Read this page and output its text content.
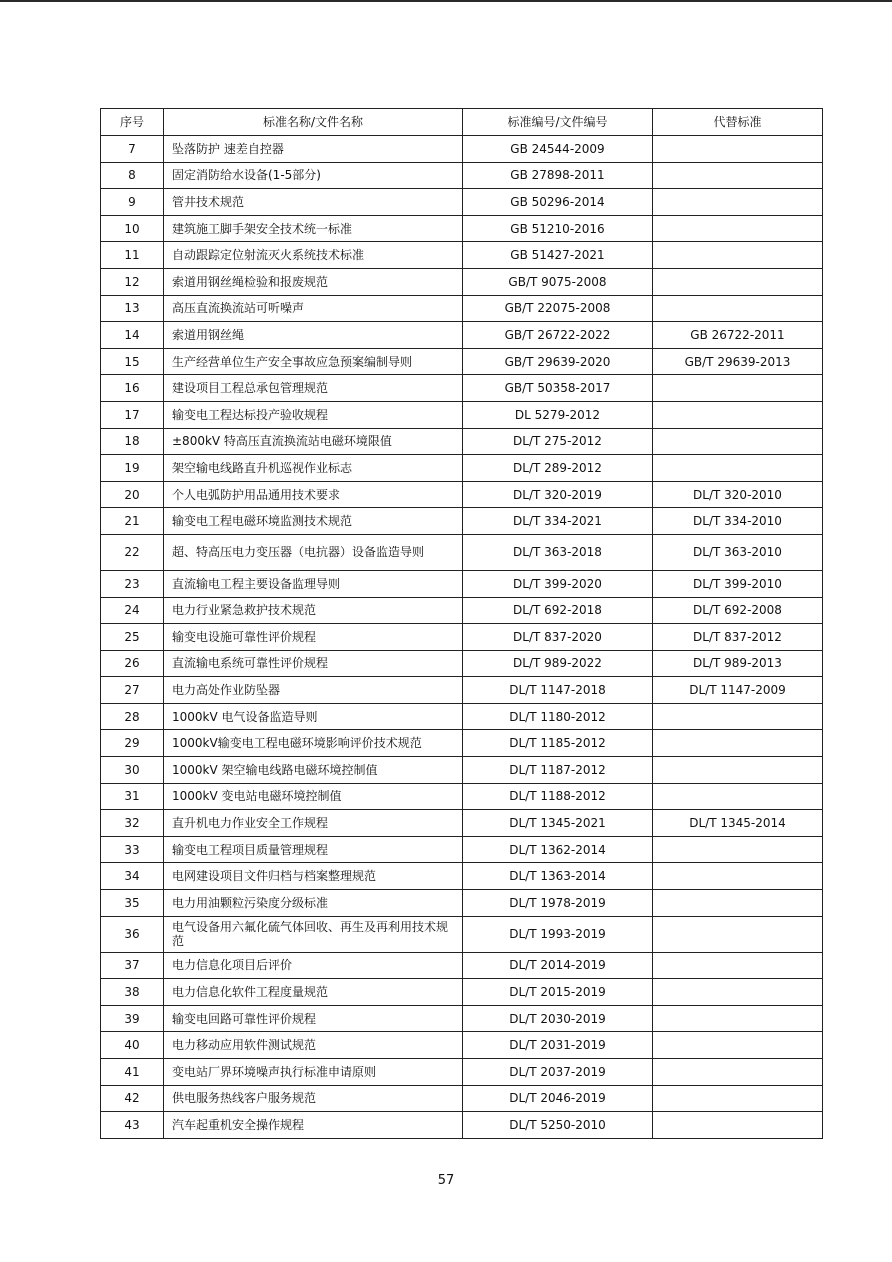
序号	标准名称/文件名称	标准编号/文件编号	代替标准
7	坠落防护 速差自控器	GB 24544-2009	
8	固定消防给水设备(1-5部分)	GB 27898-2011	
9	管井技术规范	GB 50296-2014	
10	建筑施工脚手架安全技术统一标准	GB 51210-2016	
11	自动跟踪定位射流灭火系统技术标准	GB 51427-2021	
12	索道用钢丝绳检验和报废规范	GB/T 9075-2008	
13	高压直流换流站可听噪声	GB/T 22075-2008	
14	索道用钢丝绳	GB/T 26722-2022	GB 26722-2011
15	生产经营单位生产安全事故应急预案编制导则	GB/T 29639-2020	GB/T 29639-2013
16	建设项目工程总承包管理规范	GB/T 50358-2017	
17	输变电工程达标投产验收规程	DL 5279-2012	
18	±800kV 特高压直流换流站电磁环境限值	DL/T 275-2012	
19	架空输电线路直升机巡视作业标志	DL/T 289-2012	
20	个人电弧防护用品通用技术要求	DL/T 320-2019	DL/T 320-2010
21	输变电工程电磁环境监测技术规范	DL/T 334-2021	DL/T 334-2010
22	超、特高压电力变压器（电抗器）设备监造导则	DL/T 363-2018	DL/T 363-2010
23	直流输电工程主要设备监理导则	DL/T 399-2020	DL/T 399-2010
24	电力行业紧急救护技术规范	DL/T 692-2018	DL/T 692-2008
25	输变电设施可靠性评价规程	DL/T 837-2020	DL/T 837-2012
26	直流输电系统可靠性评价规程	DL/T 989-2022	DL/T 989-2013
27	电力高处作业防坠器	DL/T 1147-2018	DL/T 1147-2009
28	1000kV 电气设备监造导则	DL/T 1180-2012	
29	1000kV输变电工程电磁环境影响评价技术规范	DL/T 1185-2012	
30	1000kV 架空输电线路电磁环境控制值	DL/T 1187-2012	
31	1000kV 变电站电磁环境控制值	DL/T 1188-2012	
32	直升机电力作业安全工作规程	DL/T 1345-2021	DL/T 1345-2014
33	输变电工程项目质量管理规程	DL/T 1362-2014	
34	电网建设项目文件归档与档案整理规范	DL/T 1363-2014	
35	电力用油颗粒污染度分级标准	DL/T 1978-2019	
36	电气设备用六氟化硫气体回收、再生及再利用技术规范	DL/T 1993-2019	
37	电力信息化项目后评价	DL/T 2014-2019	
38	电力信息化软件工程度量规范	DL/T 2015-2019	
39	输变电回路可靠性评价规程	DL/T 2030-2019	
40	电力移动应用软件测试规范	DL/T 2031-2019	
41	变电站厂界环境噪声执行标准申请原则	DL/T 2037-2019	
42	供电服务热线客户服务规范	DL/T 2046-2019	
43	汽车起重机安全操作规程	DL/T 5250-2010	
57
